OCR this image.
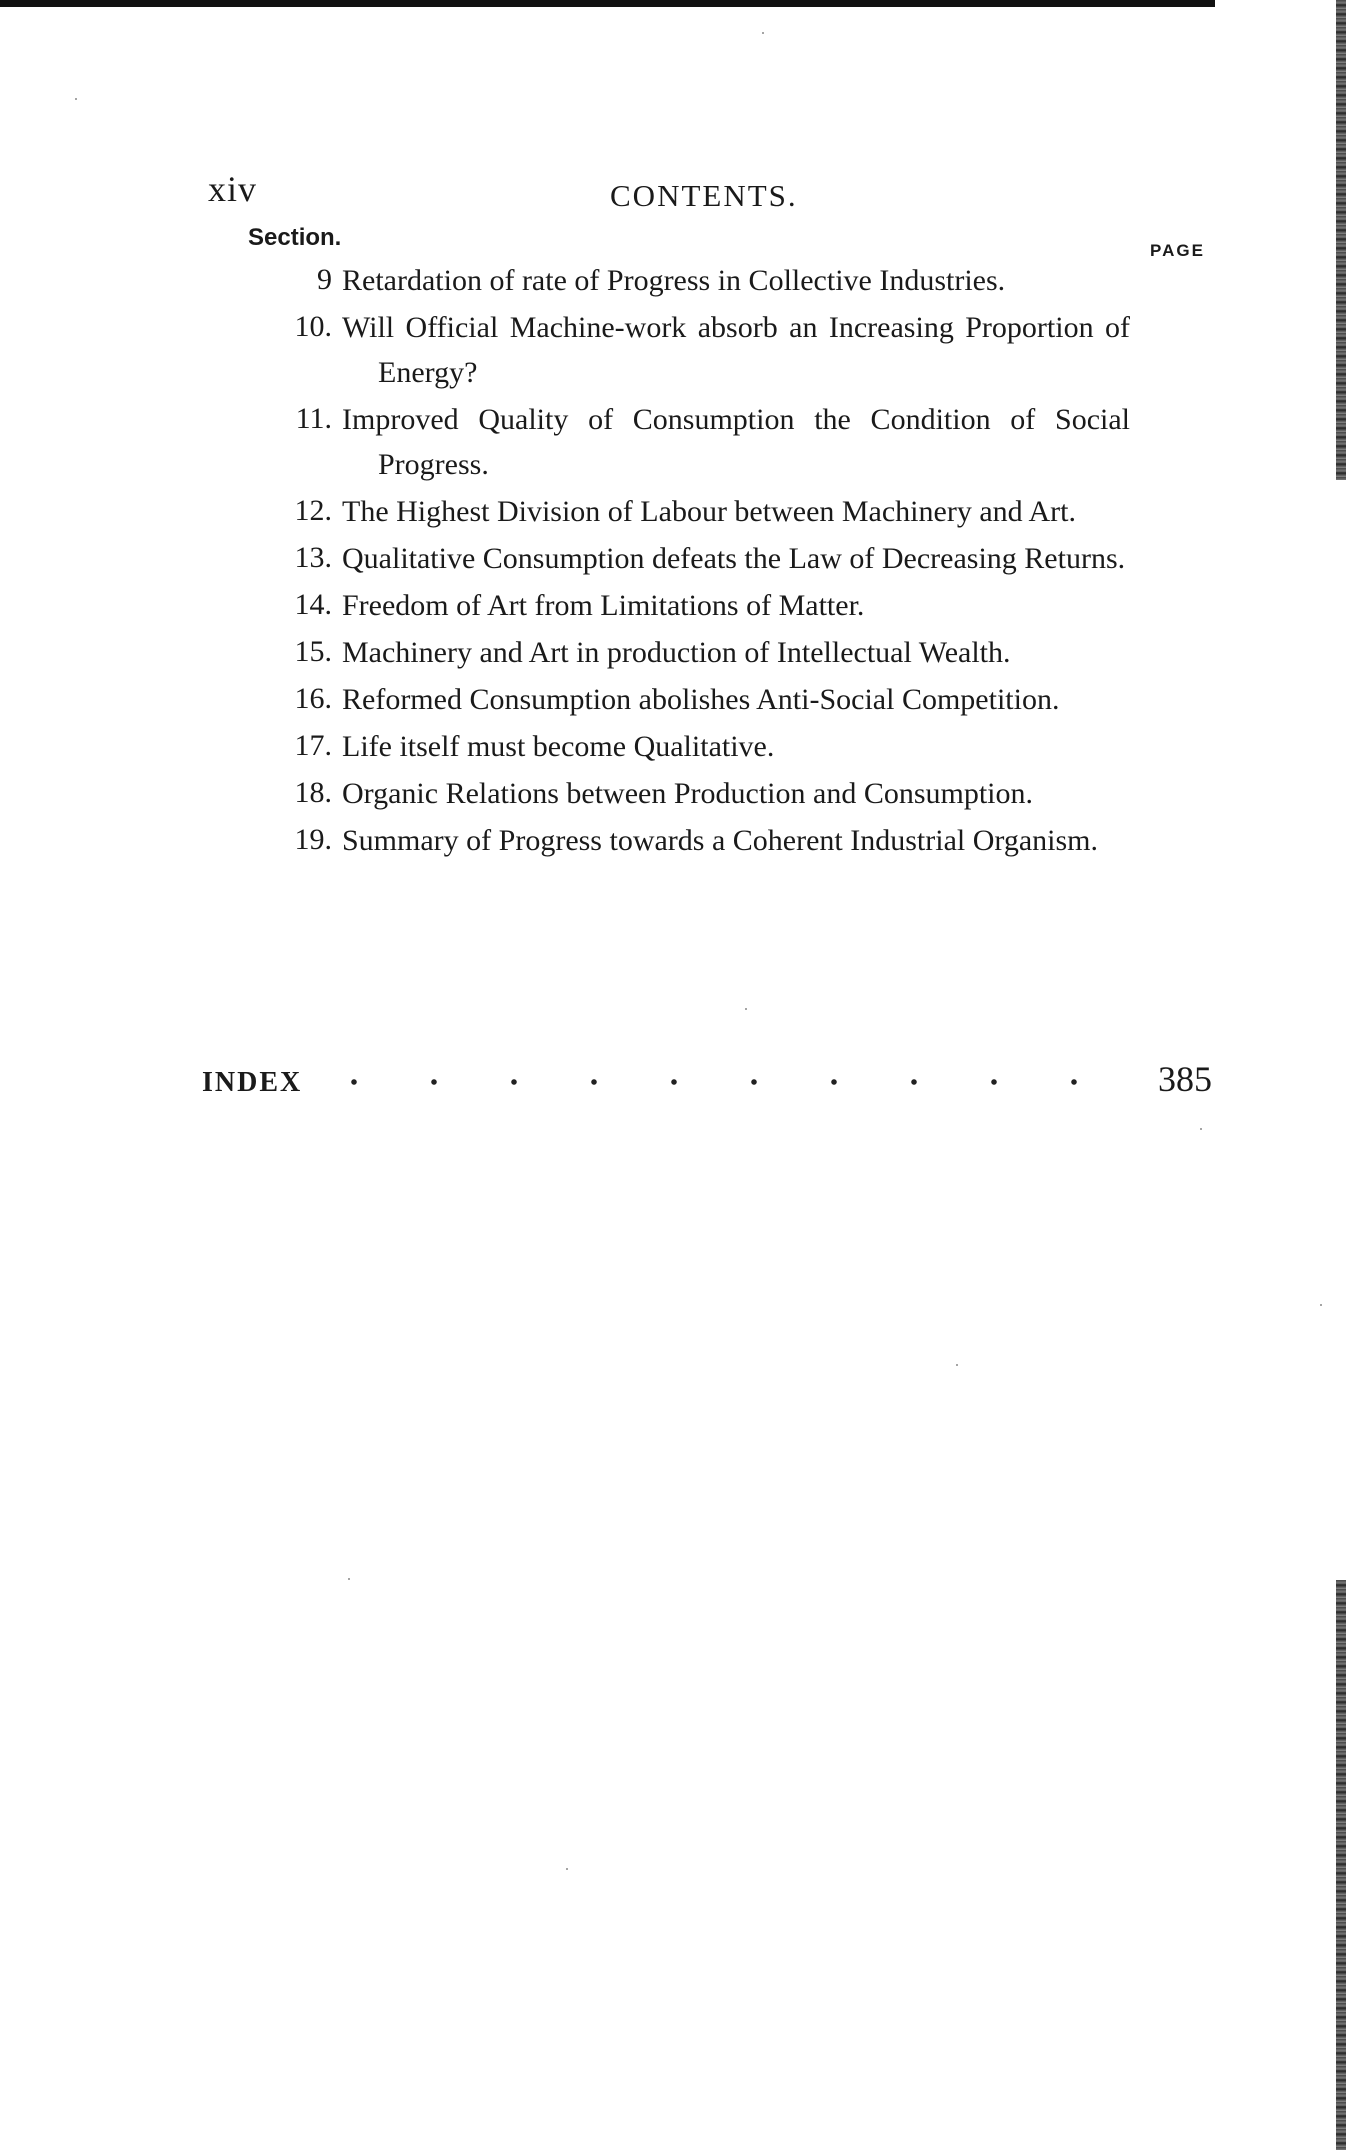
xiv	CONTENTS.
Section.	PAGE
9 Retardation of rate of Progress in Collective Industries.
10. Will Official Machine-work absorb an Increasing Proportion of Energy?
11. Improved Quality of Consumption the Condition of Social Progress.
12. The Highest Division of Labour between Machinery and Art.
13. Qualitative Consumption defeats the Law of Decreasing Returns.
14. Freedom of Art from Limitations of Matter.
15. Machinery and Art in production of Intellectual Wealth.
16. Reformed Consumption abolishes Anti-Social Competition.
17. Life itself must become Qualitative.
18. Organic Relations between Production and Consumption.
19. Summary of Progress towards a Coherent Industrial Organism.
INDEX	385
